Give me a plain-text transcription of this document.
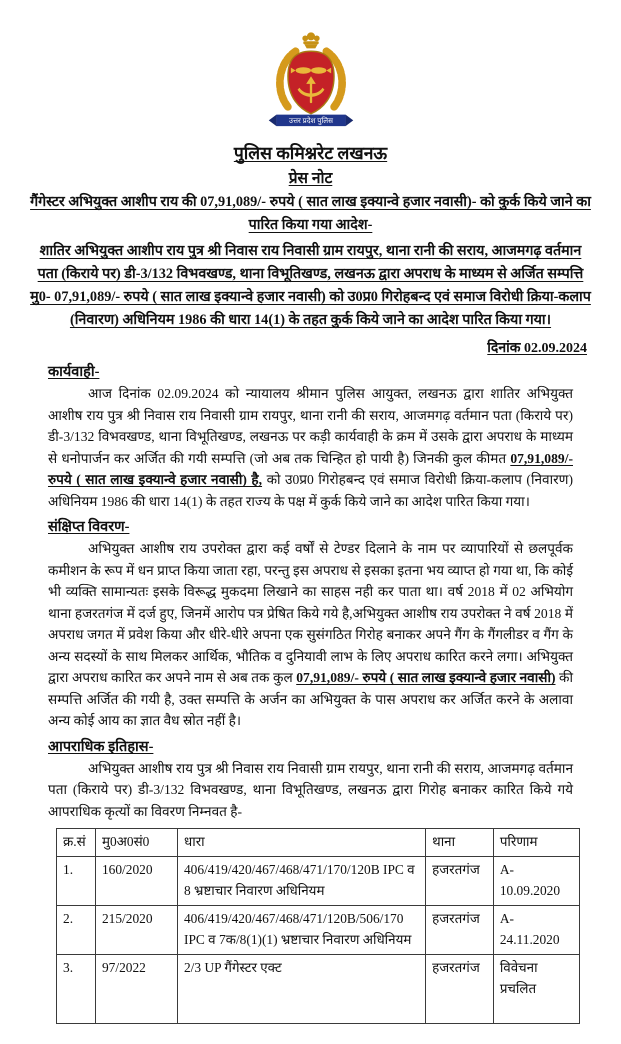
उत्तर प्रदेश पुलिस
पुलिस कमिश्नरेट लखनऊ
प्रेस नोट
गैंगेस्टर अभियुक्त आशीप राय की 07,91,089/- रुपये ( सात लाख इक्यान्वे हजार नवासी)- को कुर्क किये जाने का पारित किया गया आदेश-
शातिर अभियुक्त आशीप राय पुत्र श्री निवास राय निवासी ग्राम रायपुर, थाना रानी की सराय, आजमगढ़ वर्तमान पता (किराये पर) डी-3/132 विभवखण्ड, थाना विभूतिखण्ड, लखनऊ द्वारा अपराध के माध्यम से अर्जित सम्पत्ति मु0- 07,91,089/- रुपये ( सात लाख इक्यान्वे हजार नवासी) को उ0प्र0 गिरोहबन्द एवं समाज विरोधी क्रिया-कलाप (निवारण) अधिनियम 1986 की धारा 14(1) के तहत कुर्क किये जाने का आदेश पारित किया गया।
दिनांक 02.09.2024
कार्यवाही-

आज दिनांक 02.09.2024 को न्यायालय श्रीमान पुलिस आयुक्त, लखनऊ द्वारा शातिर अभियुक्त आशीष राय पुत्र श्री निवास राय निवासी ग्राम रायपुर, थाना रानी की सराय, आजमगढ़ वर्तमान पता (किराये पर) डी-3/132 विभवखण्ड, थाना विभूतिखण्ड, लखनऊ पर कड़ी कार्यवाही के क्रम में उसके द्वारा अपराध के माध्यम से धनोपार्जन कर अर्जित की गयी सम्पत्ति (जो अब तक चिन्हित हो पायी है) जिनकी कुल कीमत 07,91,089/- रुपये ( सात लाख इक्यान्वे हजार नवासी) है, को उ0प्र0 गिरोहबन्द एवं समाज विरोधी क्रिया-कलाप (निवारण) अधिनियम 1986 की धारा 14(1) के तहत राज्य के पक्ष में कुर्क किये जाने का आदेश पारित किया गया।

संक्षिप्त विवरण-

अभियुक्त आशीष राय उपरोक्त द्वारा कई वर्षों से टेण्डर दिलाने के नाम पर व्यापारियों से छलपूर्वक कमीशन के रूप में धन प्राप्त किया जाता रहा, परन्तु इस अपराध से इसका इतना भय व्याप्त हो गया था, कि कोई भी व्यक्ति सामान्यतः इसके विरूद्ध मुकदमा लिखाने का साहस नही कर पाता था। वर्ष 2018 में 02 अभियोग थाना हजरतगंज में दर्ज हुए, जिनमें आरोप पत्र प्रेषित किये गये है,अभियुक्त आशीष राय उपरोक्त ने वर्ष 2018 में अपराध जगत में प्रवेश किया और धीरे-धीरे अपना एक सुसंगठित गिरोह बनाकर अपने गैंग के गैंगलीडर व गैंग के अन्य सदस्यों के साथ मिलकर आर्थिक, भौतिक व दुनियावी लाभ के लिए अपराध कारित करने लगा। अभियुक्त द्वारा अपराध कारित कर अपने नाम से अब तक कुल 07,91,089/- रुपये ( सात लाख इक्यान्वे हजार नवासी) की सम्पत्ति अर्जित की गयी है, उक्त सम्पत्ति के अर्जन का अभियुक्त के पास अपराध कर अर्जित करने के अलावा अन्य कोई आय का ज्ञात वैध स्रोत नहीं है।

आपराधिक इतिहास-

अभियुक्त आशीष राय पुत्र श्री निवास राय निवासी ग्राम रायपुर, थाना रानी की सराय, आजमगढ़ वर्तमान पता (किराये पर) डी-3/132 विभवखण्ड, थाना विभूतिखण्ड, लखनऊ द्वारा गिरोह बनाकर कारित किये गये आपराधिक कृत्यों का विवरण निम्नवत है-

क्र.सं	मु0अ0सं0	धारा	थाना	परिणाम
1.	160/2020	406/419/420/467/468/471/170/120B IPC व 8 भ्रष्टाचार निवारण अधिनियम	हजरतगंज	A- 10.09.2020
2.	215/2020	406/419/420/467/468/471/120B/506/170 IPC व 7क/8(1)(1) भ्रष्टाचार निवारण अधिनियम	हजरतगंज	A- 24.11.2020
3.	97/2022	2/3 UP गैंगेस्टर एक्ट	हजरतगंज	विवेचना प्रचलित
